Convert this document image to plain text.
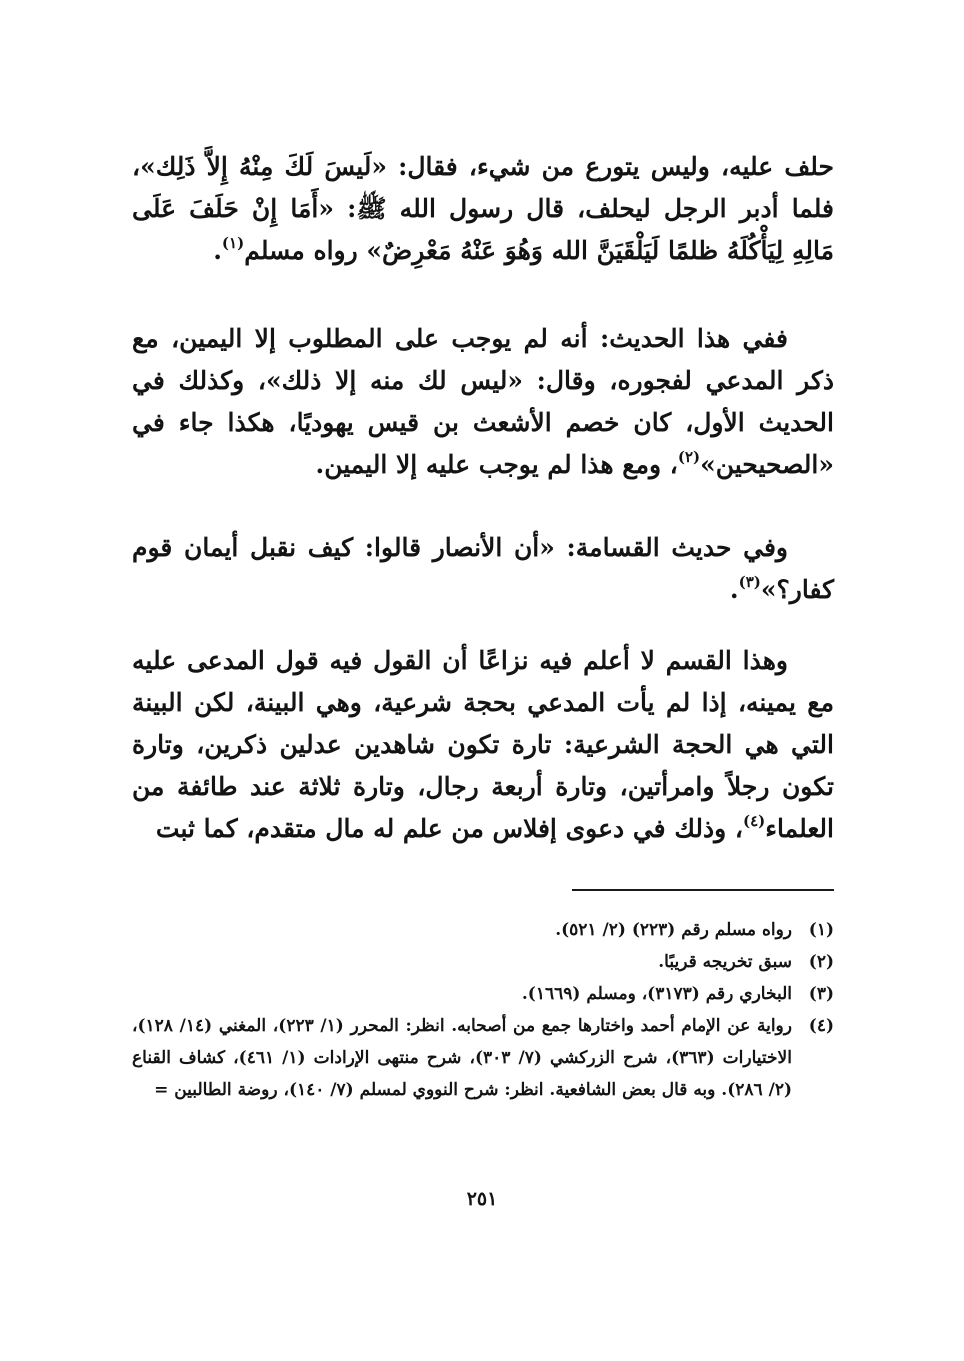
حلف عليه، وليس يتورع من شيء، فقال: «لَيسَ لَكَ مِنْهُ إِلاَّ ذَلِك»، فلما أدبر الرجل ليحلف، قال رسول الله ﷺ: «أَمَا إِنْ حَلَفَ عَلَى مَالِهِ لِيَأْكُلَهُ ظلمًا لَيَلْقَيَنَّ الله وَهُوَ عَنْهُ مَعْرِضٌ» رواه مسلم$^{(١)}$.

ففي هذا الحديث: أنه لم يوجب على المطلوب إلا اليمين، مع ذكر المدعي لفجوره، وقال: «ليس لك منه إلا ذلك»، وكذلك في الحديث الأول، كان خصم الأشعث بن قيس يهوديًا، هكذا جاء في «الصحيحين»$^{(٢)}$، ومع هذا لم يوجب عليه إلا اليمين.

وفي حديث القسامة: «أن الأنصار قالوا: كيف نقبل أيمان قوم كفار؟»$^{(٣)}$.

وهذا القسم لا أعلم فيه نزاعًا أن القول فيه قول المدعى عليه مع يمينه، إذا لم يأت المدعي بحجة شرعية، وهي البينة، لكن البينة التي هي الحجة الشرعية: تارة تكون شاهدين عدلين ذكرين، وتارة تكون رجلاً وامرأتين، وتارة أربعة رجال، وتارة ثلاثة عند طائفة من العلماء$^{(٤)}$، وذلك في دعوى إفلاس من علم له مال متقدم، كما ثبت

(١)
رواه مسلم رقم (٢٢٣) (٢/ ٥٢١).
(٢)
سبق تخريجه قريبًا.
(٣)
البخاري رقم (٣١٧٣)، ومسلم (١٦٦٩).
(٤)
رواية عن الإمام أحمد واختارها جمع من أصحابه. انظر: المحرر (١/ ٢٢٣)، المغني (١٤/ ١٢٨)، الاختيارات (٣٦٣)، شرح الزركشي (٧/ ٣٠٣)، شرح منتهى الإرادات (١/ ٤٦١)، كشاف القناع (٢/ ٢٨٦). وبه قال بعض الشافعية. انظر: شرح النووي لمسلم (٧/ ١٤٠)، روضة الطالبين =
٢٥١
